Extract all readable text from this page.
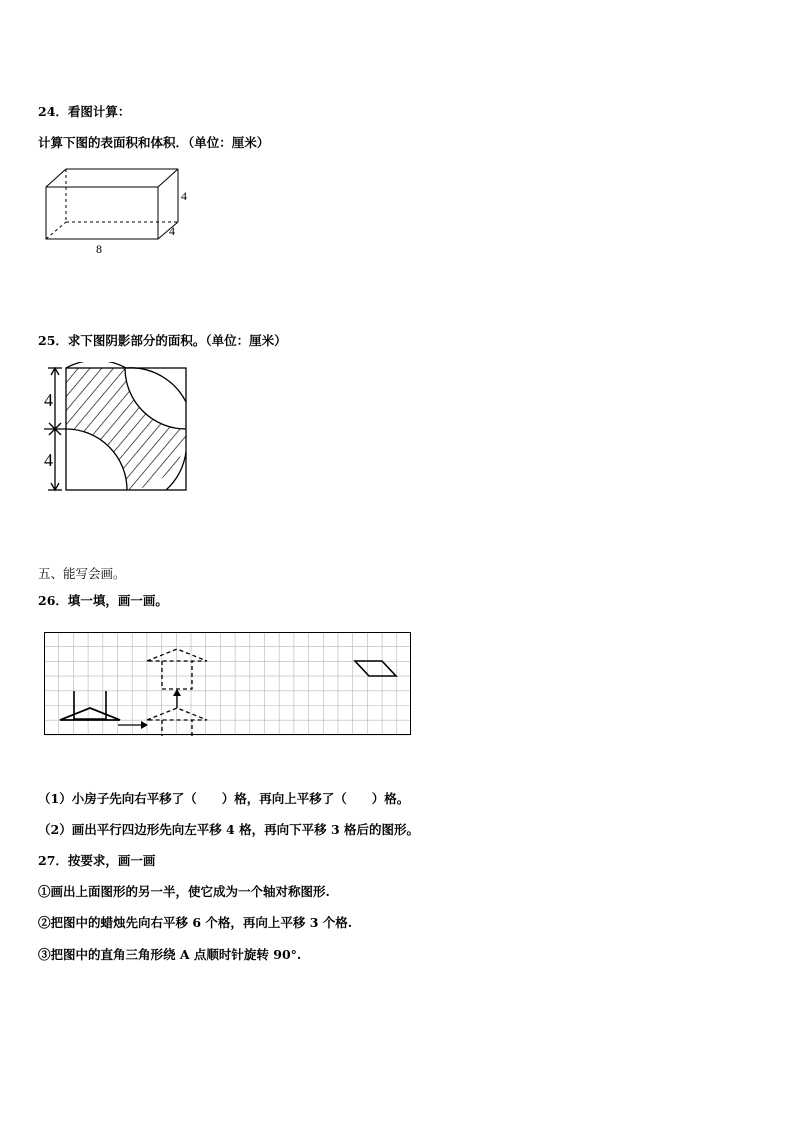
24．看图计算：
计算下图的表面积和体积．（单位：厘米）
4
4
8
25．求下图阴影部分的面积。（单位：厘米）
4
4
五、能写会画。
26．填一填，画一画。
（1）小房子先向右平移了（　　）格，再向上平移了（　　）格。
（2）画出平行四边形先向左平移 4 格，再向下平移 3 格后的图形。
27．按要求，画一画
①画出上面图形的另一半，使它成为一个轴对称图形.
②把图中的蜡烛先向右平移 6 个格，再向上平移 3 个格.
③把图中的直角三角形绕 A 点顺时针旋转 90°.
